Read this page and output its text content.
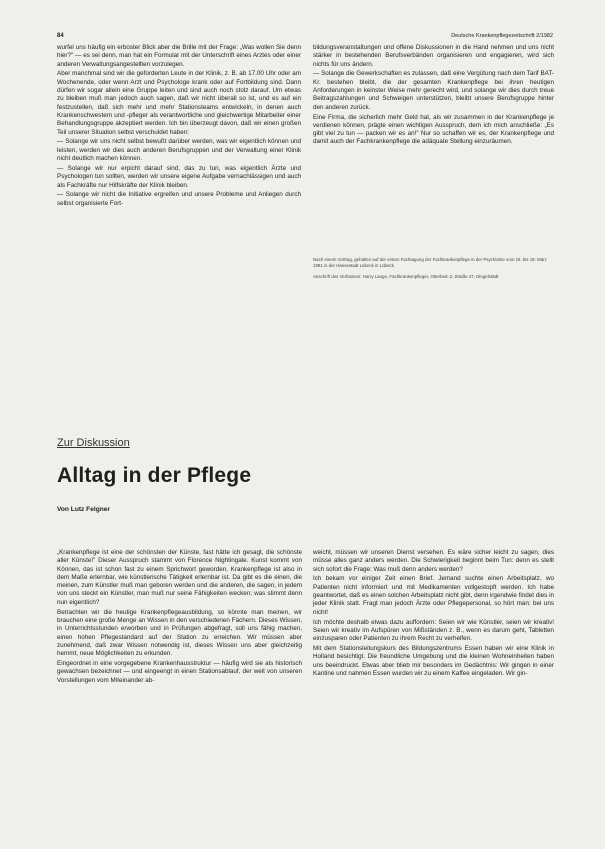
84	Deutsche Krankenpflegezeitschrift 2/1982

wurfel uns häufig ein erboster Blick aber die Brille mit der Frage: „Was wollen Sie denn hier?" — es sei denn, man hat ein Formular mit der Unterschrift eines Arztes oder einer anderen Verwaltungsangestellten vorzulegen.

Aber manchmal sind wir die geforderten Leute in der Klinik, z. B. ab 17.00 Uhr oder am Wochenende, oder wenn Arzt und Psychologe krank oder auf Fortbildung sind. Dann dürfen wir sogar allein eine Gruppe leiten und sind auch noch stolz darauf. Um etwas zu bleiben muß man jedoch auch sagen, daß wir nicht überall so ist, und es auf ein festzustellen, daß sich mehr und mehr Stationsteams entwickeln, in denen auch Krankenschwestern und -pfleger als verantwortliche und gleichwertige Mitarbeiter einer Behandlungsgruppe akzeptiert werden. Ich bin überzeugt davon, daß wir einen großen Teil unserer Situation selbst verschuldet haben:

— Solange wir uns nicht selbst bewußt darüber werden, was wir eigentlich können und leisten, werden wir dies auch anderen Berufsgruppen und der Verwaltung einer Klinik nicht deutlich machen können.

— Solange wir nur erpicht darauf sind, das zu tun, was eigentlich Ärzte und Psychologen tun sollten, werden wir unsere eigene Aufgabe vernachlässigen und auch als Fachkräfte nur Hilfskräfte der Klinik bleiben.

— Solange wir nicht die Initiative ergreifen und unsere Probleme und Anliegen durch selbst organisierte Fort-

bildungsveranstaltungen und offene Diskussionen in die Hand nehmen und uns nicht stärker in bestehenden Berufsverbänden organisieren und engagieren, wird sich nichts für uns ändern.

— Solange die Gewerkschaften es zulassen, daß eine Vergütung nach dem Tarif BAT-Kr. bestehen bleibt, die der gesamten Krankenpflege bei ihren heutigen Anforderungen in keinster Weise mehr gerecht wird, und solange wir dies durch treue Beitragszahlungen und Schweigen unterstützen, bleibt unsere Berufsgruppe hinter den anderen zurück.

Eine Firma, die sicherlich mehr Geld hat, als wir zusammen in der Krankenpflege je verdienen können, prägte einen wichtigen Ausspruch, dem ich mich anschließe: „Es gibt viel zu tun — packen wir es an!" Nur so schaffen wir es, der Krankenpflege und damit auch der Fachkrankenpflege die adäquate Stellung einzuräumen.

Nach einem Vortrag, gehalten auf der ersten Fachtagung der Fachkrankenpflege in der Psychiatrie vom 16. bis 19. März 1981 in der Hansestadt Lübeck in Lübeck.

Anschrift des Verfassers: Harry Lange, Fachkrankenpfleger, Otterbein 2, Straße 27, Dingelstädt

Zur Diskussion
Alltag in der Pflege
Von Lutz Felgner

„Krankenpflege ist eine der schönsten der Künste, fast hätte ich gesagt, die schönste aller Künste!" Dieser Ausspruch stammt von Florence Nightingale. Kunst kommt von Können, das ist schon fast zu einem Sprichwort geworden. Krankenpflege ist also in dem Maße erlernbar, wie künstlerische Tätigkeit erlernbar ist. Da gibt es die einen, die meinen, zum Künstler muß man geboren werden und die anderen, die sagen, in jedem von uns steckt ein Künstler, man muß nur seine Fähigkeiten wecken; was stimmt denn nun eigentlich?

Betrachten wir die heutige Krankenpflegeausbildung, so könnte man meinen, wir brauchen eine große Menge an Wissen in den verschiedenen Fächern. Dieses Wissen, in Unterrichtsstunden erworben und in Prüfungen abgefragt, soll uns fähig machen, einen hohen Pflegestandard auf der Station zu erreichen. Wir müssen aber zunehmend, daß zwar Wissen notwendig ist, dieses Wissen uns aber gleichzeitig hemmt, neue Möglichkeiten zu erkunden.

Eingeordnet in eine vorgegebene Krankenhausstruktur — häufig wird sie als historisch gewachsen bezeichnet — und eingeengt in einen Stationsablauf, der weit von unseren Vorstellungen vom Miteinander ab-

weicht, müssen wir unseren Dienst versehen. Es wäre sicher leicht zu sagen, dies müsse alles ganz anders werden. Die Schwierigkeit beginnt beim Tun: denn es stellt sich sofort die Frage: Was muß denn anders werden?

Ich bekam vor einiger Zeit einen Brief. Jemand suchte einen Arbeitsplatz, wo Patienten nicht informiert und mit Medikamenten vollgestopft werden. Ich habe geantwortet, daß es einen solchen Arbeitsplatz nicht gibt, denn irgendwie findet dies in jeder Klinik statt. Fragt man jedoch Ärzte oder Pflegepersonal, so hört man: bei uns nicht!

Ich möchte deshalb etwas dazu auffordern: Seien wir wie Künstler, seien wir kreativ! Seien wir kreativ im Aufspüren von Mißständen z. B., wenn es darum geht, Tabletten einzusparen oder Patienten zu ihrem Recht zu verhelfen.

Mit dem Stationsleitungskurs des Bildungszentrums Essen haben wir eine Klinik in Holland besichtigt. Die freundliche Umgebung und die kleinen Wohneinheiten haben uns beeindruckt. Etwas aber blieb mir besonders im Gedächtnis: Wir gingen in einer Kantine und nahmen Essen wurden wir zu einem Kaffee eingeladen. Wir gin-
